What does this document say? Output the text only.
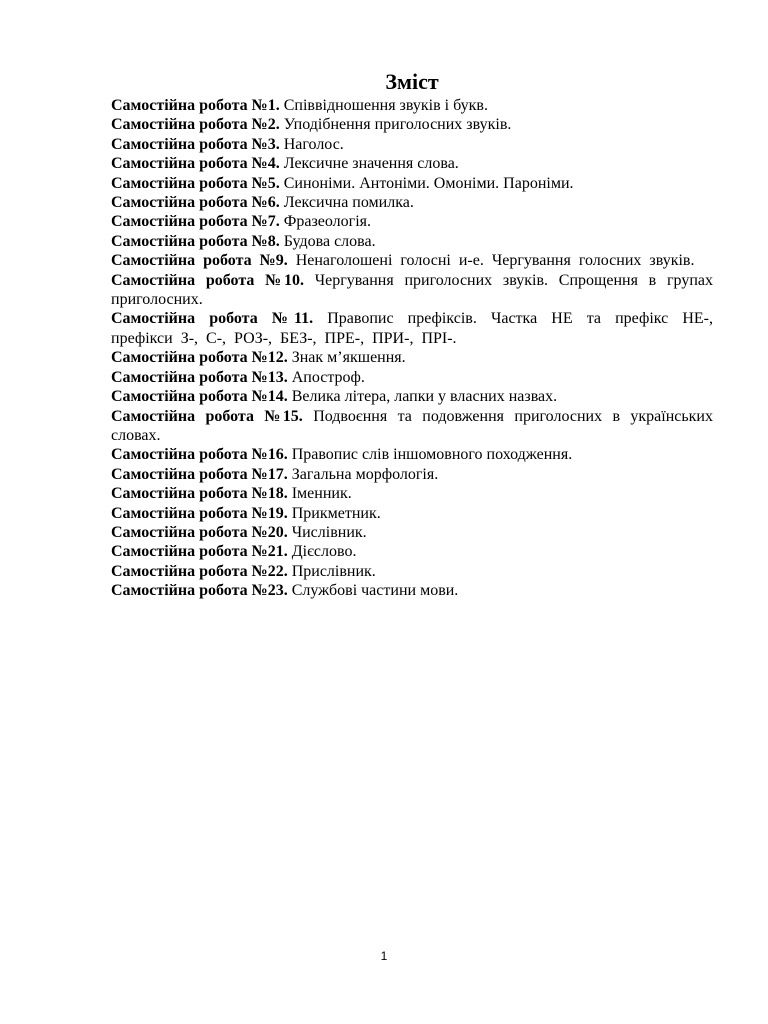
Зміст
Самостійна робота №1. Співвідношення звуків і букв.
Самостійна робота №2. Уподібнення приголосних звуків.
Самостійна робота №3. Наголос.
Самостійна робота №4. Лексичне значення слова.
Самостійна робота №5. Синоніми. Антоніми. Омоніми. Пароніми.
Самостійна робота №6. Лексична помилка.
Самостійна робота №7. Фразеологія.
Самостійна робота №8. Будова слова.
Самостійна робота №9. Ненаголошені голосні и-е. Чергування голосних звуків.
Самостійна робота №10. Чергування приголосних звуків. Спрощення в групах приголосних.
Самостійна робота №11. Правопис префіксів. Частка НЕ та префікс НЕ-, префікси З-, С-, РОЗ-, БЕЗ-, ПРЕ-, ПРИ-, ПРІ-.
Самостійна робота №12. Знак м’якшення.
Самостійна робота №13. Апостроф.
Самостійна робота №14. Велика літера, лапки у власних назвах.
Самостійна робота №15. Подвоєння та подовження приголосних в українських словах.
Самостійна робота №16. Правопис слів іншомовного походження.
Самостійна робота №17. Загальна морфологія.
Самостійна робота №18. Іменник.
Самостійна робота №19. Прикметник.
Самостійна робота №20. Числівник.
Самостійна робота №21. Дієслово.
Самостійна робота №22. Прислівник.
Самостійна робота №23. Службові частини мови.
1
